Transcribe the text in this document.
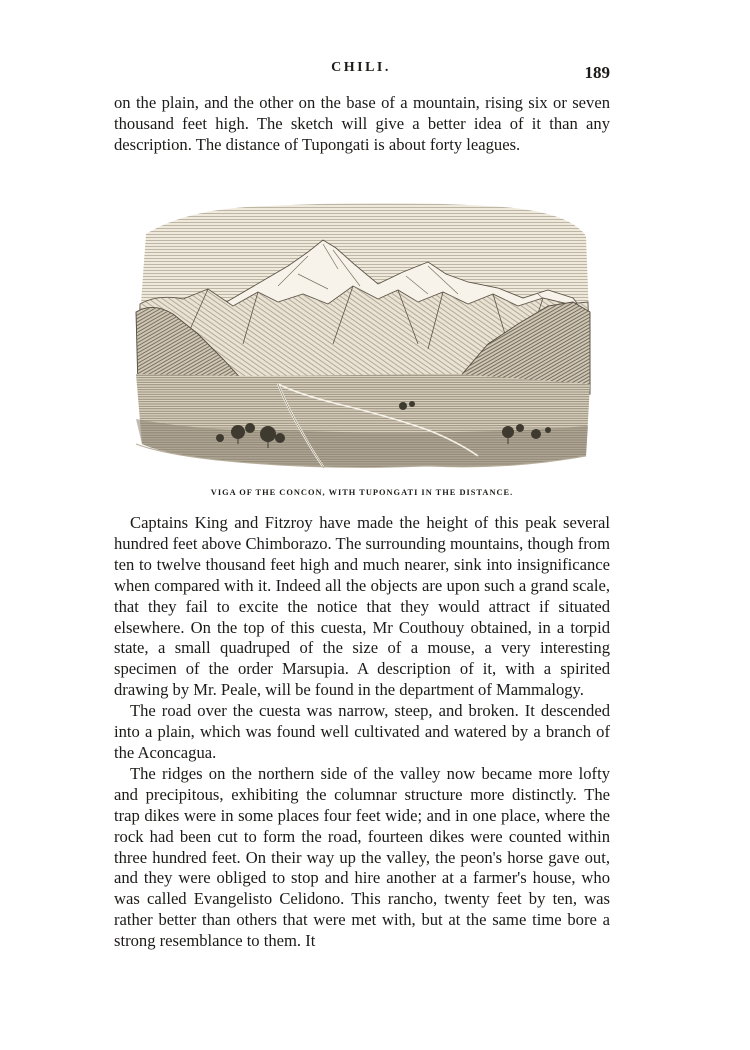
CHILI.	189

on the plain, and the other on the base of a mountain, rising six or seven thousand feet high. The sketch will give a better idea of it than any description. The distance of Tupongati is about forty leagues.

VIGA OF THE CONCON, WITH TUPONGATI IN THE DISTANCE.

Captains King and Fitzroy have made the height of this peak several hundred feet above Chimborazo. The surrounding mountains, though from ten to twelve thousand feet high and much nearer, sink into insignificance when compared with it. Indeed all the objects are upon such a grand scale, that they fail to excite the notice that they would attract if situated elsewhere. On the top of this cuesta, Mr Couthouy obtained, in a torpid state, a small quadruped of the size of a mouse, a very interesting specimen of the order Marsupia. A description of it, with a spirited drawing by Mr. Peale, will be found in the department of Mammalogy.

The road over the cuesta was narrow, steep, and broken. It descended into a plain, which was found well cultivated and watered by a branch of the Aconcagua.

The ridges on the northern side of the valley now became more lofty and precipitous, exhibiting the columnar structure more distinctly. The trap dikes were in some places four feet wide; and in one place, where the rock had been cut to form the road, fourteen dikes were counted within three hundred feet. On their way up the valley, the peon's horse gave out, and they were obliged to stop and hire another at a farmer's house, who was called Evangelisto Celidono. This rancho, twenty feet by ten, was rather better than others that were met with, but at the same time bore a strong resemblance to them. It
